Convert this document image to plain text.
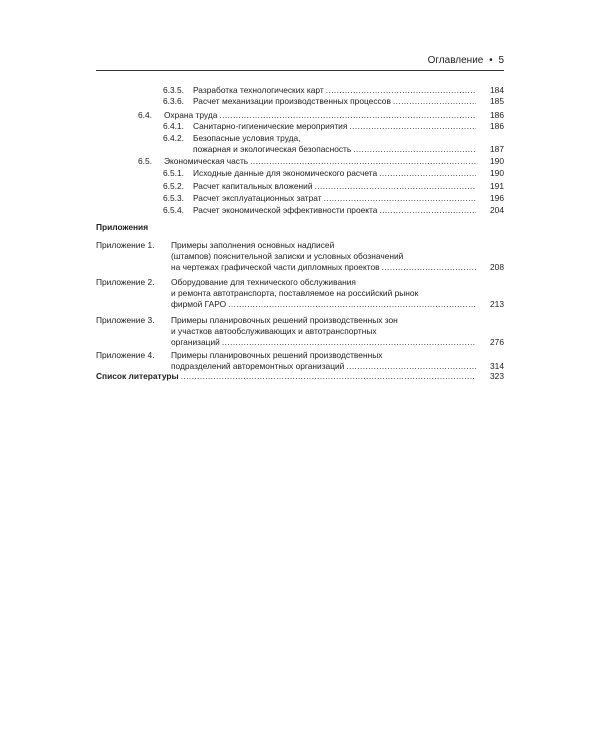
Оглавление • 5
6.3.5. Разработка технологических карт .....	184
6.3.6. Расчет механизации производственных процессов .....	185
6.4. Охрана труда .....	186
6.4.1. Санитарно-гигиенические мероприятия .....	186
6.4.2. Безопасные условия труда,
пожарная и экологическая безопасность .....	187
6.5. Экономическая часть .....	190
6.5.1. Исходные данные для экономического расчета .....	190
6.5.2. Расчет капитальных вложений .....	191
6.5.3. Расчет эксплуатационных затрат .....	196
6.5.4. Расчет экономической эффективности проекта .....	204
Приложения
Приложение 1. Примеры заполнения основных надписей
(штампов) пояснительной записки и условных обозначений
на чертежах графической части дипломных проектов .....	208
Приложение 2. Оборудование для технического обслуживания
и ремонта автотранспорта, поставляемое на российский рынок
фирмой ГАРО .....	213
Приложение 3. Примеры планировочных решений производственных зон
и участков автообслуживающих и автотранспортных
организаций .....	276
Приложение 4. Примеры планировочных решений производственных
подразделений авторемонтных организаций .....	314
Список литературы .....	323
